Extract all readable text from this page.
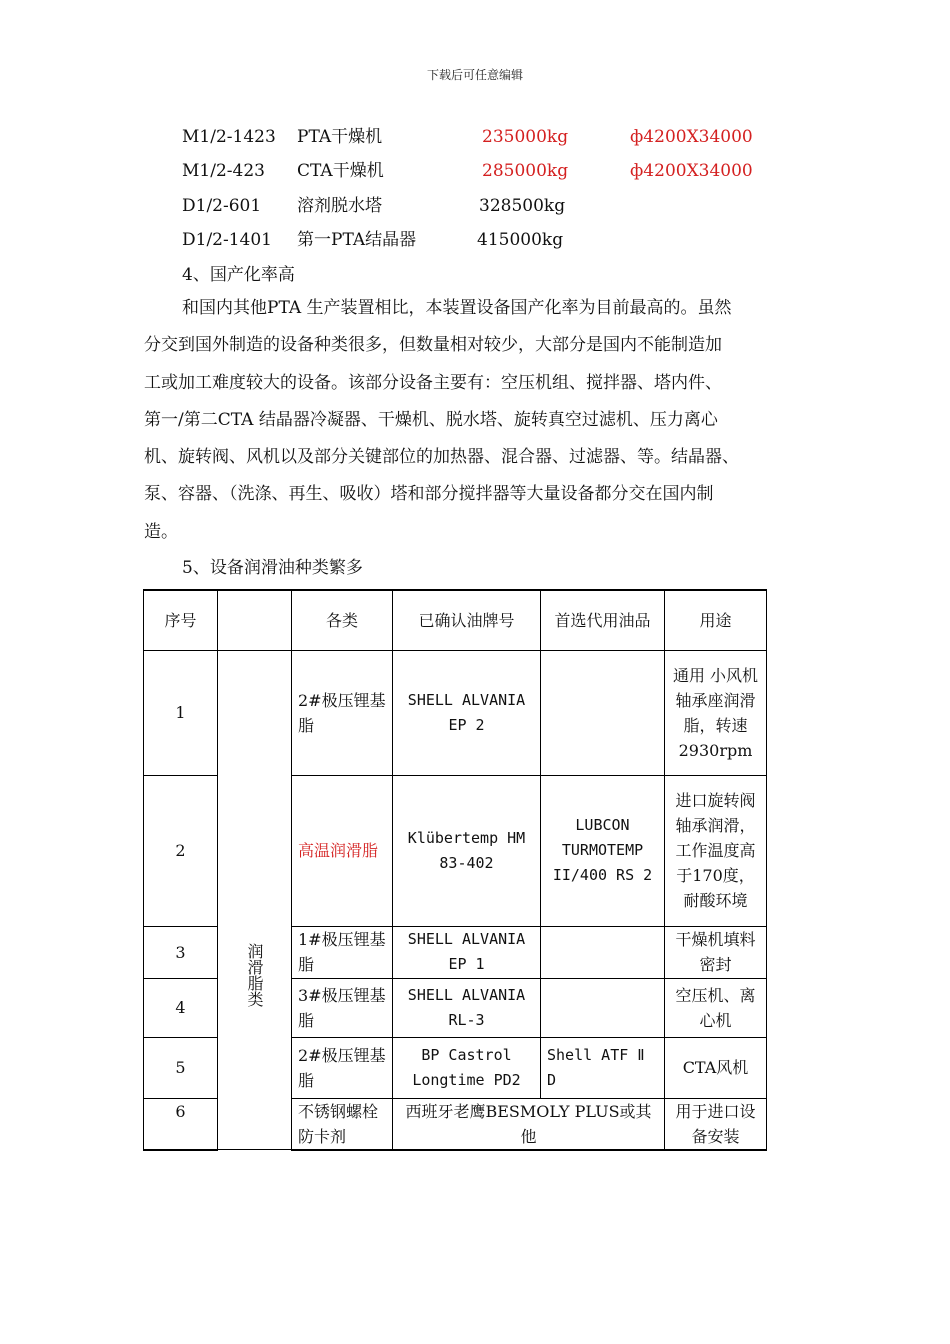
下载后可任意编辑
M1/2-1423 PTA干燥机	235000kg	ф4200X34000
M1/2-423 CTA干燥机	285000kg	ф4200X34000
D1/2-601 溶剂脱水塔	328500kg
D1/2-1401 第一PTA结晶器	415000kg
4、国产化率高
和国内其他PTA 生产装置相比，本装置设备国产化率为目前最高的。虽然
分交到国外制造的设备种类很多，但数量相对较少，大部分是国内不能制造加
工或加工难度较大的设备。该部分设备主要有：空压机组、搅拌器、塔内件、
第一/第二CTA 结晶器冷凝器、干燥机、脱水塔、旋转真空过滤机、压力离心
机、旋转阀、风机以及部分关键部位的加热器、混合器、过滤器、等。结晶器、
泵、容器、（洗涤、再生、吸收）塔和部分搅拌器等大量设备都分交在国内制
造。
5、设备润滑油种类繁多
序号		各类	已确认油牌号	首选代用油品	用途
1	润滑脂类	2#极压锂基脂	SHELL ALVANIA EP 2		通用 小风机轴承座润滑脂，转速2930rpm
2		高温润滑脂	Klübertemp HM 83-402	LUBCON TURMOTEMP II/400 RS 2	进口旋转阀轴承润滑，工作温度高于170度，耐酸环境
3		1#极压锂基脂	SHELL ALVANIA EP 1		干燥机填料密封
4		3#极压锂基脂	SHELL ALVANIA RL-3		空压机、离心机
5		2#极压锂基脂	BP Castrol Longtime PD2	Shell ATF Ⅱ D	CTA风机
6		不锈钢螺栓防卡剂	西班牙老鹰BESMOLY PLUS或其他		用于进口设备安装
